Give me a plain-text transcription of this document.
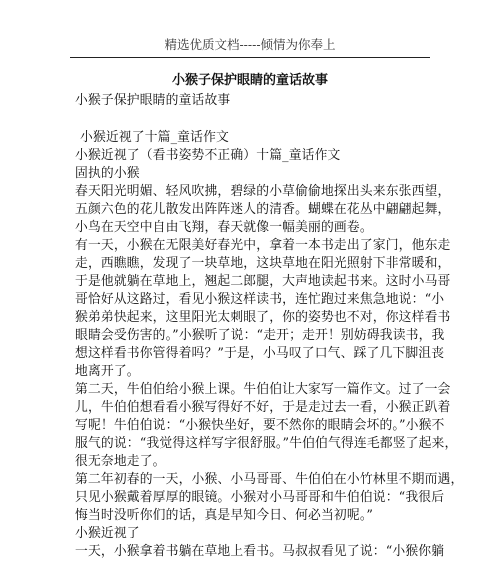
精选优质文档-----倾情为你奉上
小猴子保护眼睛的童话故事
小猴子保护眼睛的童话故事
小猴近视了十篇_童话作文
小猴近视了（看书姿势不正确）十篇_童话作文
固执的小猴
春天阳光明媚、轻风吹拂，碧绿的小草偷偷地探出头来东张西望，
五颜六色的花儿散发出阵阵迷人的清香。蝴蝶在花丛中翩翩起舞，
小鸟在天空中自由飞翔，春天就像一幅美丽的画卷。
有一天，小猴在无限美好春光中，拿着一本书走出了家门，他东走
走，西瞧瞧，发现了一块草地，这块草地在阳光照射下非常暖和，
于是他就躺在草地上，翘起二郎腿，大声地读起书来。这时小马哥
哥恰好从这路过，看见小猴这样读书，连忙跑过来焦急地说：“小
猴弟弟快起来，这里阳光太刺眼了，你的姿势也不对，你这样看书
眼睛会受伤害的。”小猴听了说：“走开；走开！别妨碍我读书，我
想这样看书你管得着吗？”于是，小马叹了口气、踩了几下脚沮丧
地离开了。
第二天，牛伯伯给小猴上课。牛伯伯让大家写一篇作文。过了一会
儿，牛伯伯想看看小猴写得好不好，于是走过去一看，小猴正趴着
写呢！牛伯伯说：“小猴快坐好，要不然你的眼睛会坏的。”小猴不
服气的说：“我觉得这样写字很舒服。”牛伯伯气得连毛都竖了起来，
很无奈地走了。
第二年初春的一天，小猴、小马哥哥、牛伯伯在小竹林里不期而遇，
只见小猴戴着厚厚的眼镜。小猴对小马哥哥和牛伯伯说：“我很后
悔当时没听你们的话，真是早知今日、何必当初呢。”
小猴近视了
一天，小猴拿着书躺在草地上看书。马叔叔看见了说：“小猴你躺
